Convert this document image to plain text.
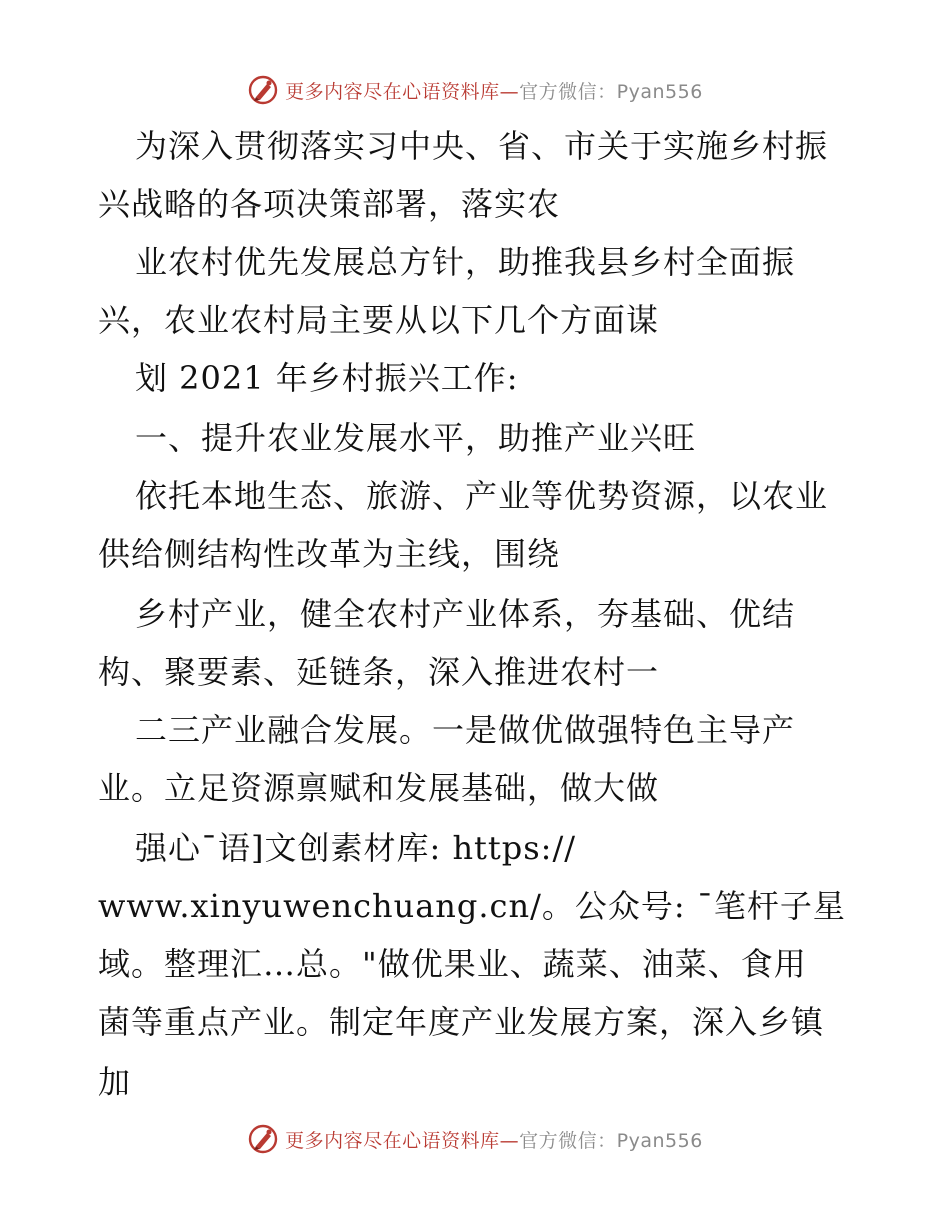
更多内容尽在心语资料库—官方微信：Pyan556
为深入贯彻落实习中央、省、市关于实施乡村振
兴战略的各项决策部署，落实农
业农村优先发展总方针，助推我县乡村全面振
兴，农业农村局主要从以下几个方面谋
划 2021 年乡村振兴工作:
一、提升农业发展水平，助推产业兴旺
依托本地生态、旅游、产业等优势资源，以农业
供给侧结构性改革为主线，围绕
乡村产业，健全农村产业体系，夯基础、优结
构、聚要素、延链条，深入推进农村一
二三产业融合发展。一是做优做强特色主导产
业。立足资源禀赋和发展基础，做大做
强心¯语]文创素材库: https://
www.xinyuwenchuang.cn/。公众号: ¯笔杆子星
域。整理汇…总。"做优果业、蔬菜、油菜、食用
菌等重点产业。制定年度产业发展方案，深入乡镇
加
更多内容尽在心语资料库—官方微信：Pyan556
